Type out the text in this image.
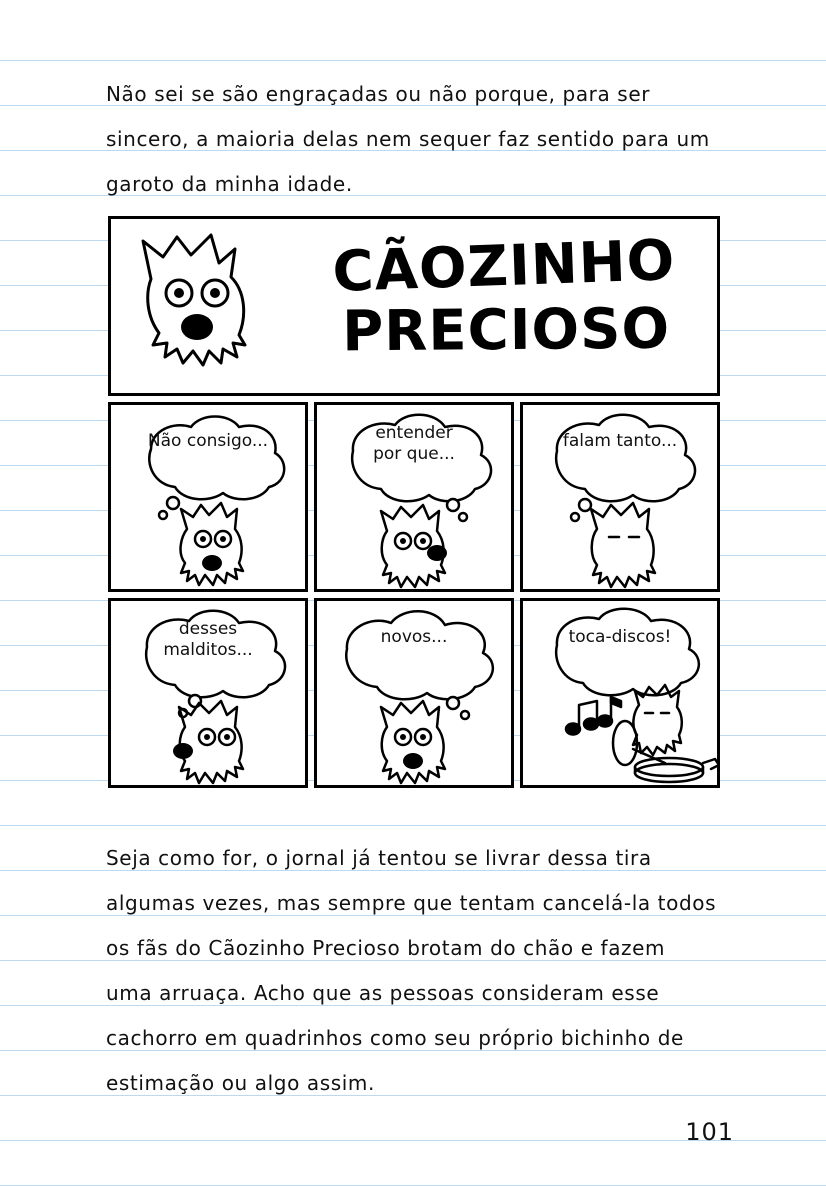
Não sei se são engraçadas ou não porque, para ser
sincero, a maioria delas nem sequer faz sentido para um
garoto da minha idade.
CÃOZINHO
PRECIOSO
Não consigo...	entender
por que...
falam tanto...
desses
malditos...
novos...	toca-discos!
Seja como for, o jornal já tentou se livrar dessa tira
algumas vezes, mas sempre que tentam cancelá-la todos
os fãs do Cãozinho Precioso brotam do chão e fazem
uma arruaça. Acho que as pessoas consideram esse
cachorro em quadrinhos como seu próprio bichinho de
estimação ou algo assim.
101
